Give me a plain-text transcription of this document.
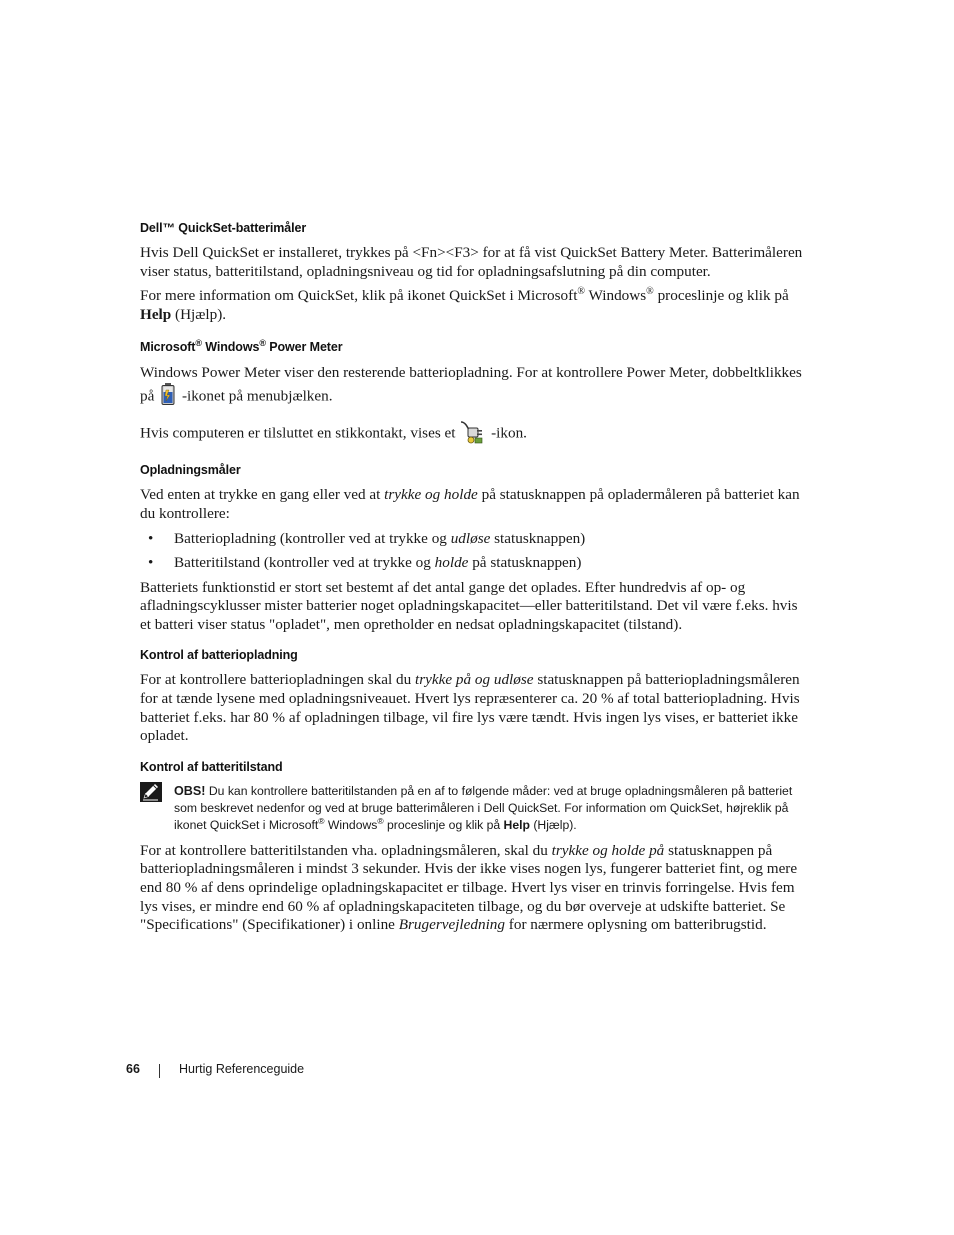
Dell™ QuickSet-batterimåler

Hvis Dell QuickSet er installeret, trykkes på <Fn><F3> for at få vist QuickSet Battery Meter. Batterimåleren viser status, batteritilstand, opladningsniveau og tid for opladningsafslutning på din computer.

For mere information om QuickSet, klik på ikonet QuickSet i Microsoft® Windows® proceslinje og klik på Help (Hjælp).

Microsoft® Windows® Power Meter

Windows Power Meter viser den resterende batteriopladning. For at kontrollere Power Meter, dobbeltklikkes på  -ikonet på menubjælken.

Hvis computeren er tilsluttet en stikkontakt, vises et  -ikon.

Opladningsmåler

Ved enten at trykke en gang eller ved at trykke og holde på statusknappen på opladermåleren på batteriet kan du kontrollere:

• Batteriopladning (kontroller ved at trykke og udløse statusknappen)
• Batteritilstand (kontroller ved at trykke og holde på statusknappen)

Batteriets funktionstid er stort set bestemt af det antal gange det oplades. Efter hundredvis af op- og afladningscyklusser mister batterier noget opladningskapacitet—eller batteritilstand. Det vil være f.eks. hvis et batteri viser status "opladet", men opretholder en nedsat opladningskapacitet (tilstand).

Kontrol af batteriopladning

For at kontrollere batteriopladningen skal du trykke på og udløse statusknappen på batteriopladningsmåleren for at tænde lysene med opladningsniveauet. Hvert lys repræsenterer ca. 20 % af total batteriopladning. Hvis batteriet f.eks. har 80 % af opladningen tilbage, vil fire lys være tændt. Hvis ingen lys vises, er batteriet ikke opladet.

Kontrol af batteritilstand
OBS! Du kan kontrollere batteritilstanden på en af to følgende måder: ved at bruge opladningsmåleren på batteriet som beskrevet nedenfor og ved at bruge batterimåleren i Dell QuickSet. For information om QuickSet, højreklik på ikonet QuickSet i Microsoft® Windows® proceslinje og klik på Help (Hjælp).

For at kontrollere batteritilstanden vha. opladningsmåleren, skal du trykke og holde på statusknappen på batteriopladningsmåleren i mindst 3 sekunder. Hvis der ikke vises nogen lys, fungerer batteriet fint, og mere end 80 % af dens oprindelige opladningskapacitet er tilbage. Hvert lys viser en trinvis forringelse. Hvis fem lys vises, er mindre end 60 % af opladningskapaciteten tilbage, og du bør overveje at udskifte batteriet. Se "Specifications" (Specifikationer) i online Brugervejledning for nærmere oplysning om batteribrugstid.

66	Hurtig Referenceguide
